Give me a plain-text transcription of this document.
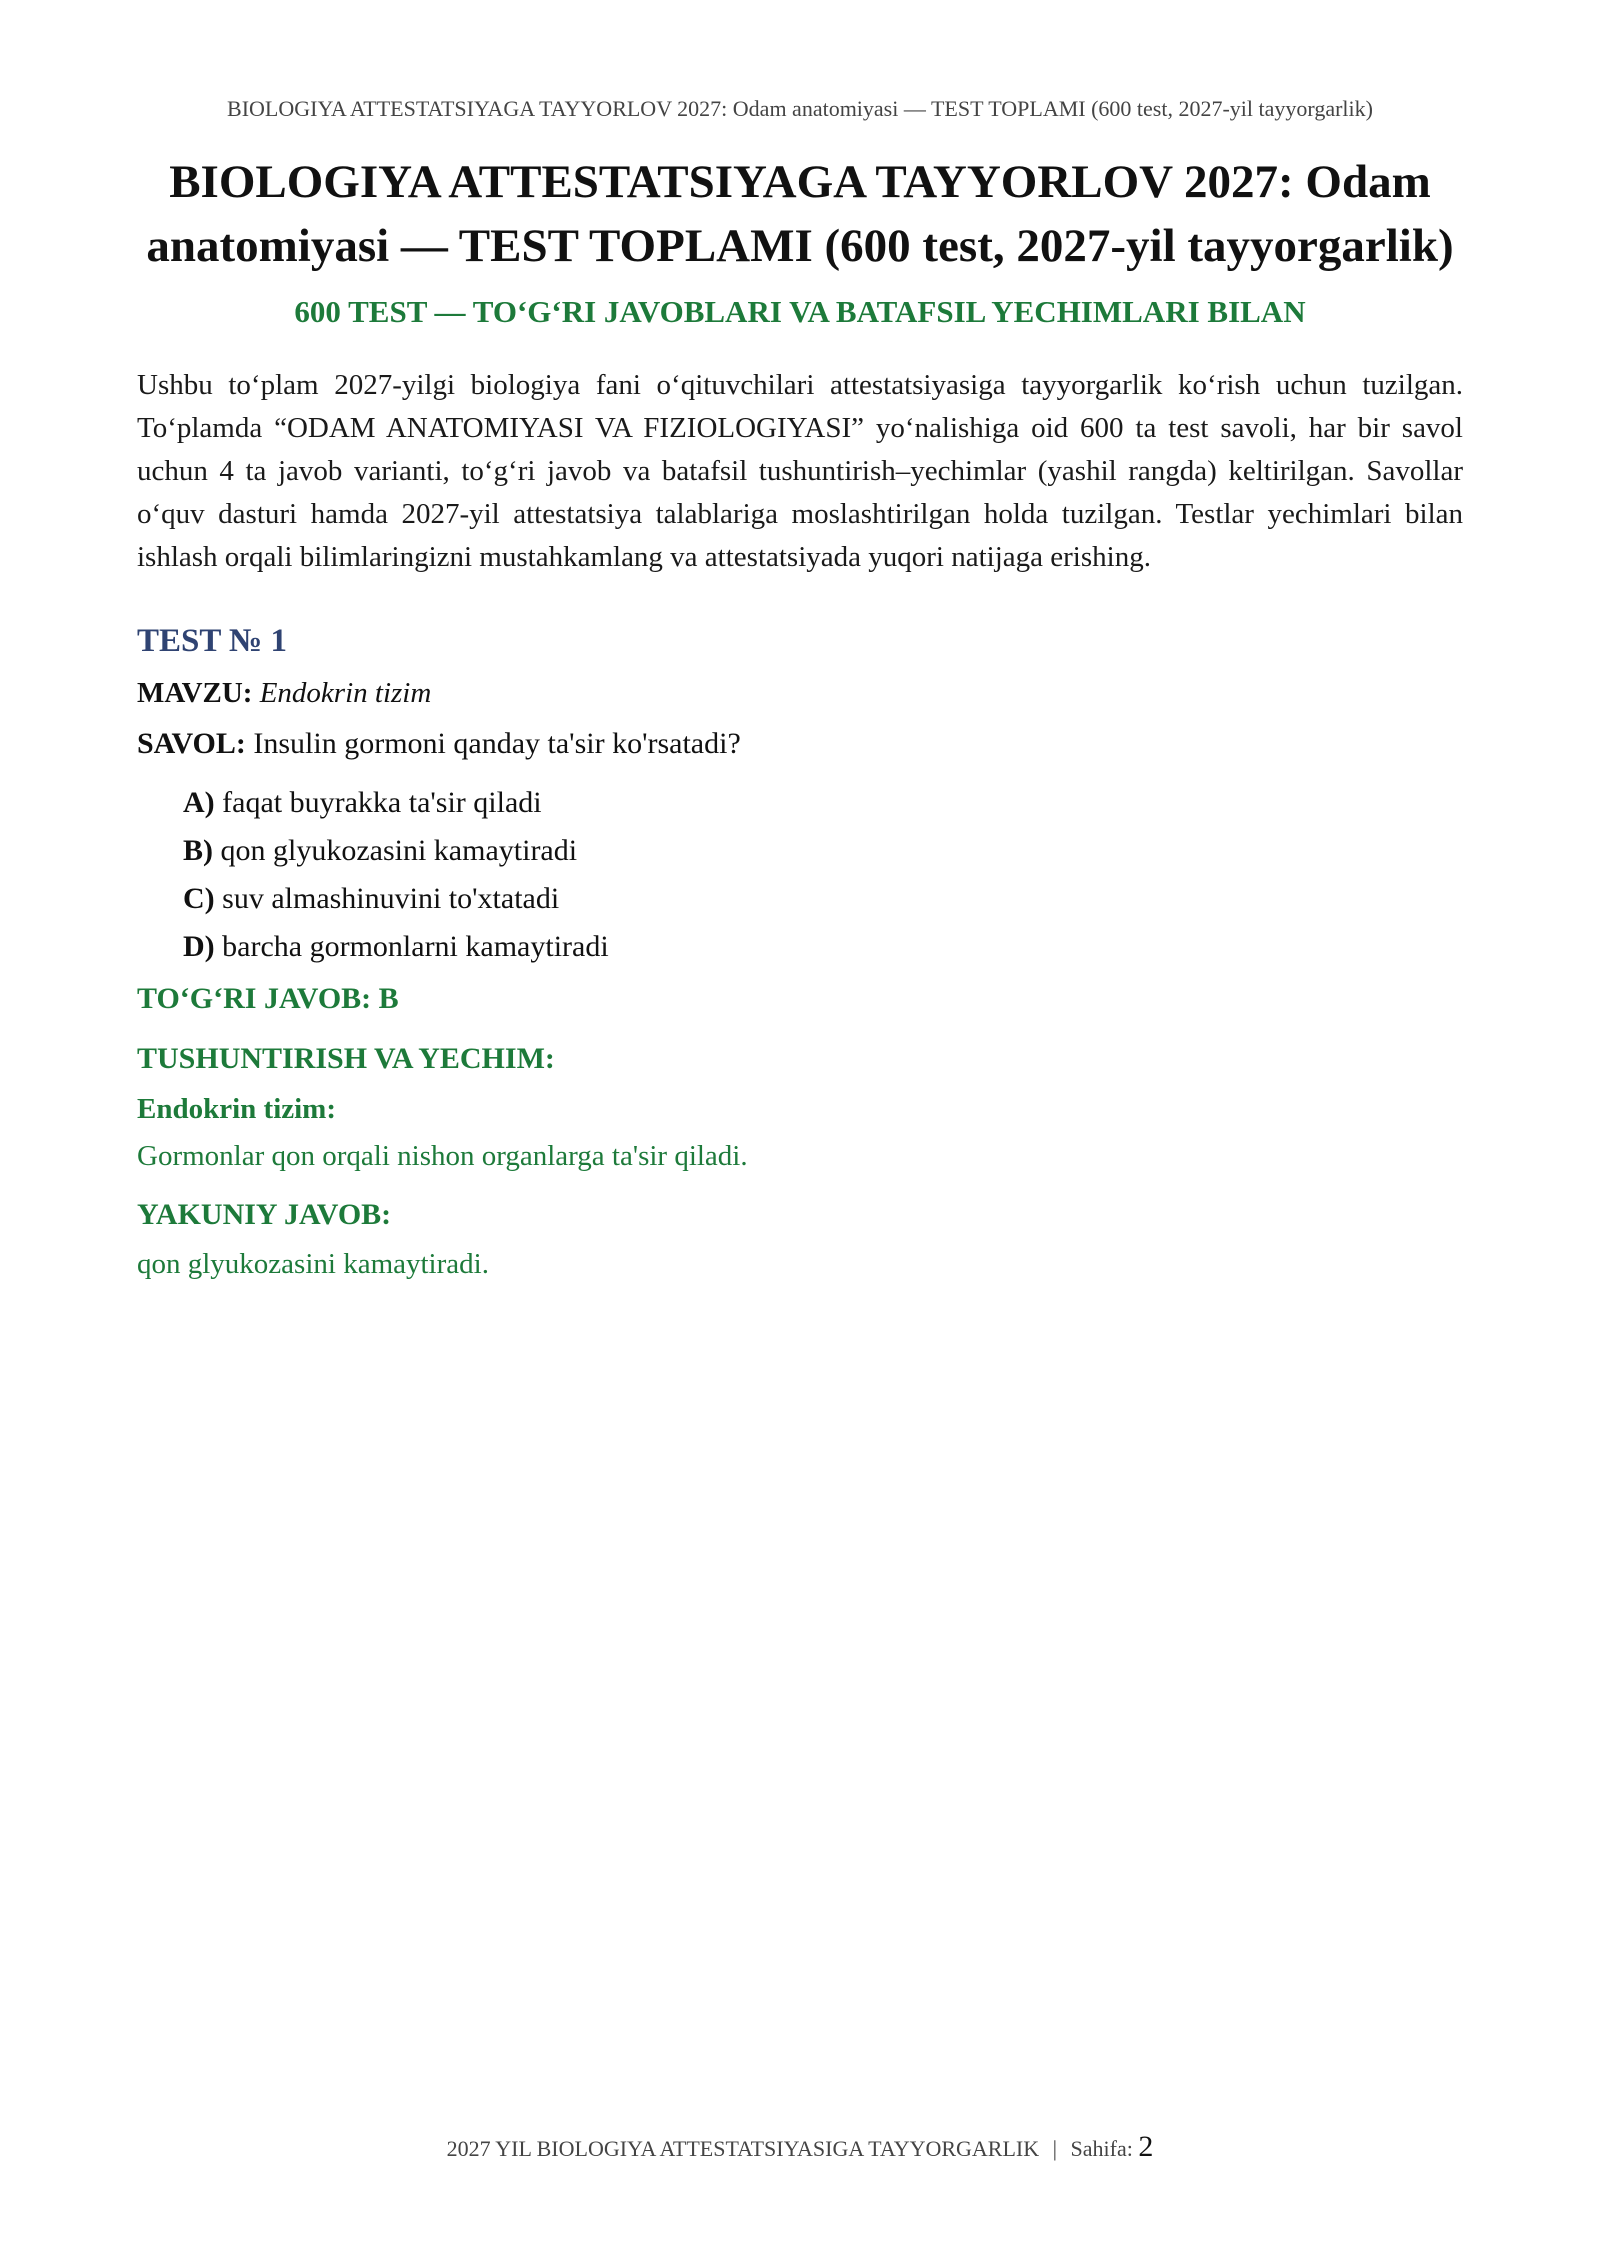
BIOLOGIYA ATTESTATSIYAGA TAYYORLOV 2027: Odam anatomiyasi — TEST TOPLAMI (600 test, 2027-yil tayyorgarlik)
BIOLOGIYA ATTESTATSIYAGA TAYYORLOV 2027: Odam anatomiyasi — TEST TOPLAMI (600 test, 2027-yil tayyorgarlik)
600 TEST — TO‘G‘RI JAVOBLARI VA BATAFSIL YECHIMLARI BILAN

Ushbu to‘plam 2027-yilgi biologiya fani o‘qituvchilari attestatsiyasiga tayyorgarlik ko‘rish uchun tuzilgan. To‘plamda “ODAM ANATOMIYASI VA FIZIOLOGIYASI” yo‘nalishiga oid 600 ta test savoli, har bir savol uchun 4 ta javob varianti, to‘g‘ri javob va batafsil tushuntirish–yechimlar (yashil rangda) keltirilgan. Savollar o‘quv dasturi hamda 2027-yil attestatsiya talablariga moslashtirilgan holda tuzilgan. Testlar yechimlari bilan ishlash orqali bilimlaringizni mustahkamlang va attestatsiyada yuqori natijaga erishing.

TEST № 1
MAVZU: Endokrin tizim
SAVOL: Insulin gormoni qanday ta'sir ko'rsatadi?
A) faqat buyrakka ta'sir qiladi
B) qon glyukozasini kamaytiradi
C) suv almashinuvini to'xtatadi
D) barcha gormonlarni kamaytiradi
TO‘G‘RI JAVOB: B
TUSHUNTIRISH VA YECHIM:
Endokrin tizim:
Gormonlar qon orqali nishon organlarga ta'sir qiladi.
YAKUNIY JAVOB:
qon glyukozasini kamaytiradi.
2027 YIL BIOLOGIYA ATTESTATSIYASIGA TAYYORGARLIK | Sahifa: 2
